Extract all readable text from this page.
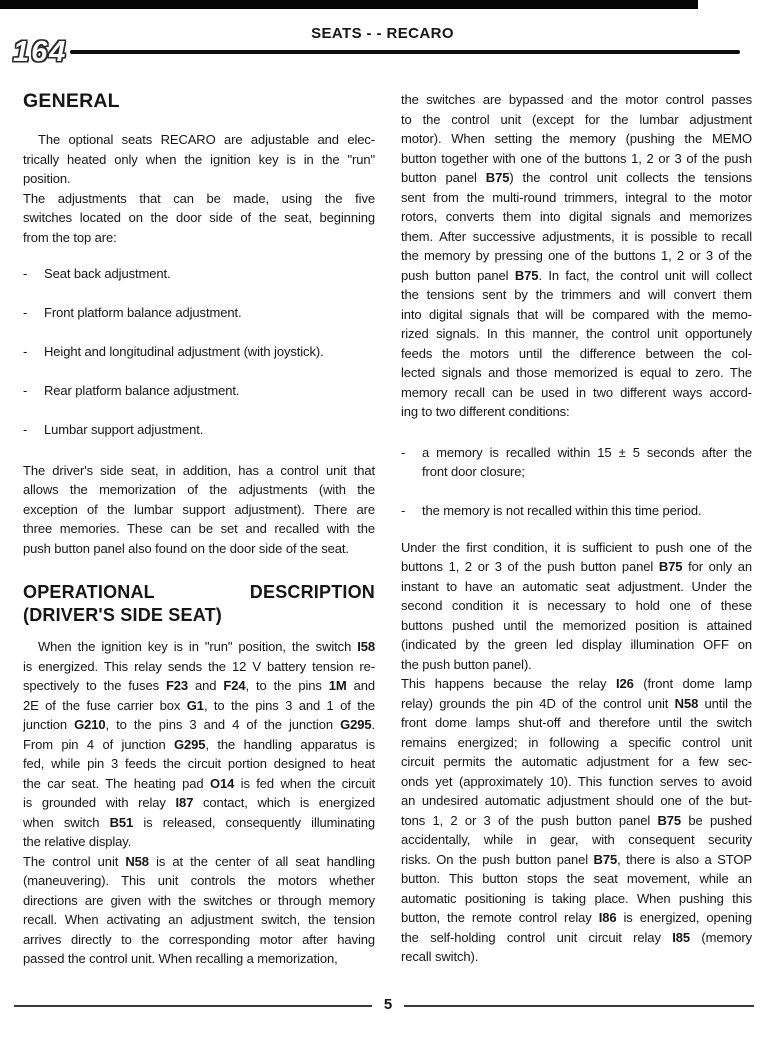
164
SEATS - - RECARO
GENERAL
The optional seats RECARO are adjustable and elec-
trically heated only when the ignition key is in the "run"
position.
The adjustments that can be made, using the five
switches located on the door side of the seat, beginning
from the top are:
-	Seat back adjustment.
-	Front platform balance adjustment.
-	Height and longitudinal adjustment (with joystick).
-	Rear platform balance adjustment.
-	Lumbar support adjustment.
The driver's side seat, in addition, has a control unit that
allows the memorization of the adjustments (with the
exception of the lumbar support adjustment). There are
three memories. These can be set and recalled with the
push button panel also found on the door side of the seat.
OPERATIONAL DESCRIPTION
(DRIVER'S SIDE SEAT)
When the ignition key is in "run" position, the switch I58
is energized. This relay sends the 12 V battery tension re-
spectively to the fuses F23 and F24, to the pins 1M and
2E of the fuse carrier box G1, to the pins 3 and 1 of the
junction G210, to the pins 3 and 4 of the junction G295.
From pin 4 of junction G295, the handling apparatus is
fed, while pin 3 feeds the circuit portion designed to heat
the car seat. The heating pad O14 is fed when the circuit
is grounded with relay I87 contact, which is energized
when switch B51 is released, consequently illuminating
the relative display.
The control unit N58 is at the center of all seat handling
(maneuvering). This unit controls the motors whether
directions are given with the switches or through memory
recall. When activating an adjustment switch, the tension
arrives directly to the corresponding motor after having
passed the control unit. When recalling a memorization,
the switches are bypassed and the motor control passes
to the control unit (except for the lumbar adjustment
motor). When setting the memory (pushing the MEMO
button together with one of the buttons 1, 2 or 3 of the push
button panel B75) the control unit collects the tensions
sent from the multi-round trimmers, integral to the motor
rotors, converts them into digital signals and memorizes
them. After successive adjustments, it is possible to recall
the memory by pressing one of the buttons 1, 2 or 3 of the
push button panel B75. In fact, the control unit will collect
the tensions sent by the trimmers and will convert them
into digital signals that will be compared with the memo-
rized signals. In this manner, the control unit opportunely
feeds the motors until the difference between the col-
lected signals and those memorized is equal to zero. The
memory recall can be used in two different ways accord-
ing to two different conditions:
-	a memory is recalled within 15 ± 5 seconds after the
front door closure;
-	the memory is not recalled within this time period.
Under the first condition, it is sufficient to push one of the
buttons 1, 2 or 3 of the push button panel B75 for only an
instant to have an automatic seat adjustment. Under the
second condition it is necessary to hold one of these
buttons pushed until the memorized position is attained
(indicated by the green led display illumination OFF on
the push button panel).
This happens because the relay I26 (front dome lamp
relay) grounds the pin 4D of the control unit N58 until the
front dome lamps shut-off and therefore until the switch
remains energized; in following a specific control unit
circuit permits the automatic adjustment for a few sec-
onds yet (approximately 10). This function serves to avoid
an undesired automatic adjustment should one of the but-
tons 1, 2 or 3 of the push button panel B75 be pushed
accidentally, while in gear, with consequent security
risks. On the push button panel B75, there is also a STOP
button. This button stops the seat movement, while an
automatic positioning is taking place. When pushing this
button, the remote control relay I86 is energized, opening
the self-holding control unit circuit relay I85 (memory
recall switch).
5
